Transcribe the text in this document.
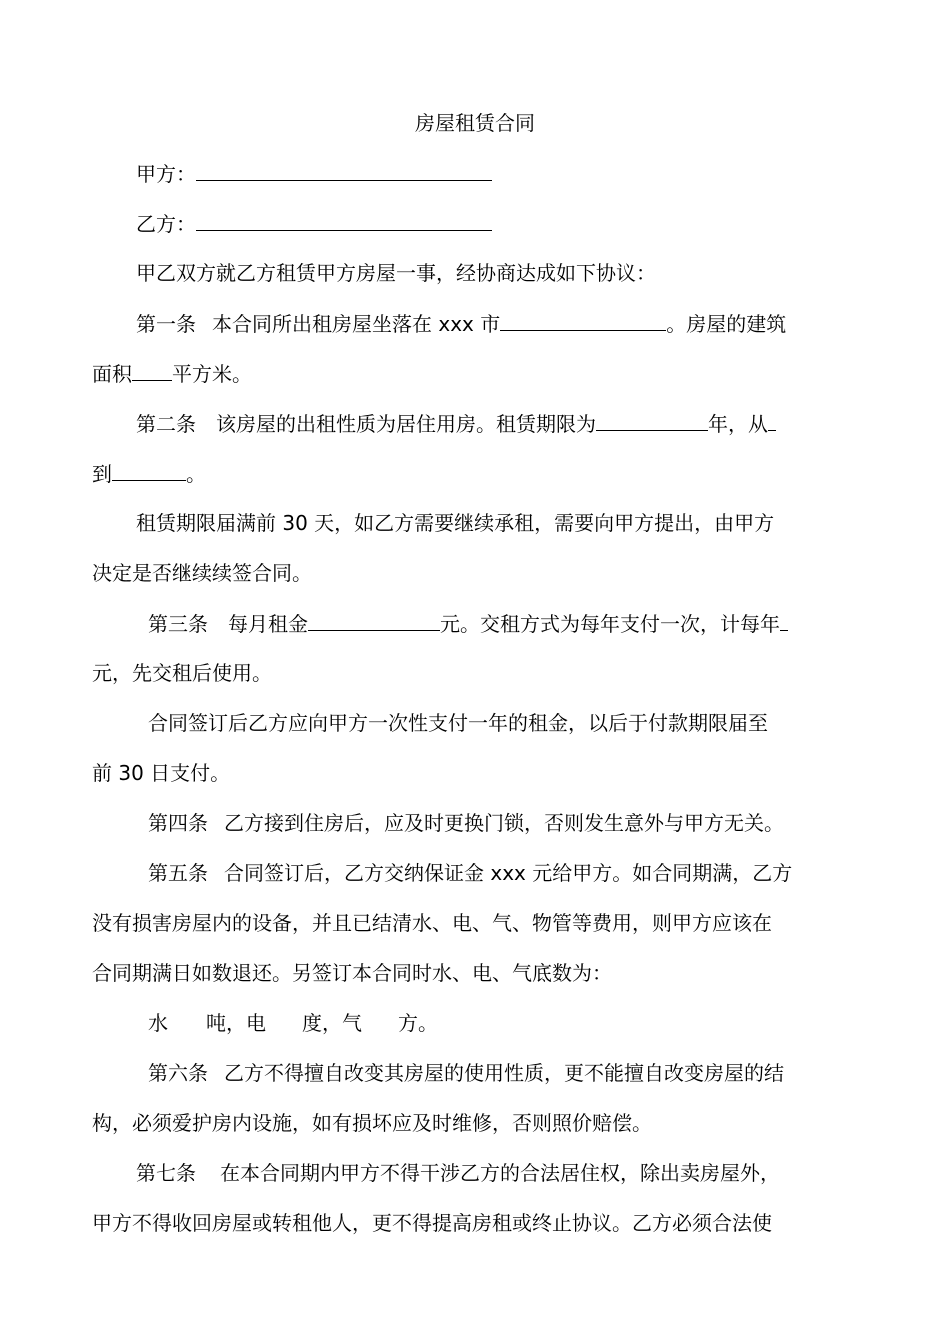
房屋租赁合同
甲方：
乙方：
甲乙双方就乙方租赁甲方房屋一事，经协商达成如下协议：
第一条 本合同所出租房屋坐落在 xxx 市	。房屋的建筑
面积 平方米。
第二条 该房屋的出租性质为居住用房。租赁期限为	年，从
到	。
租赁期限届满前 30 天，如乙方需要继续承租，需要向甲方提出，由甲方
决定是否继续续签合同。
第三条 每月租金	元。交租方式为每年支付一次，计每年
元，先交租后使用。
合同签订后乙方应向甲方一次性支付一年的租金，以后于付款期限届至
前 30 日支付。
第四条 乙方接到住房后，应及时更换门锁，否则发生意外与甲方无关。
第五条 合同签订后，乙方交纳保证金 xxx 元给甲方。如合同期满，乙方
没有损害房屋内的设备，并且已结清水、电、气、物管等费用，则甲方应该在
合同期满日如数退还。另签订本合同时水、电、气底数为：
水 吨，电 度，气 方。
第六条 乙方不得擅自改变其房屋的使用性质，更不能擅自改变房屋的结
构，必须爱护房内设施，如有损坏应及时维修，否则照价赔偿。
第七条 在本合同期内甲方不得干涉乙方的合法居住权，除出卖房屋外，
甲方不得收回房屋或转租他人，更不得提高房租或终止协议。乙方必须合法使
